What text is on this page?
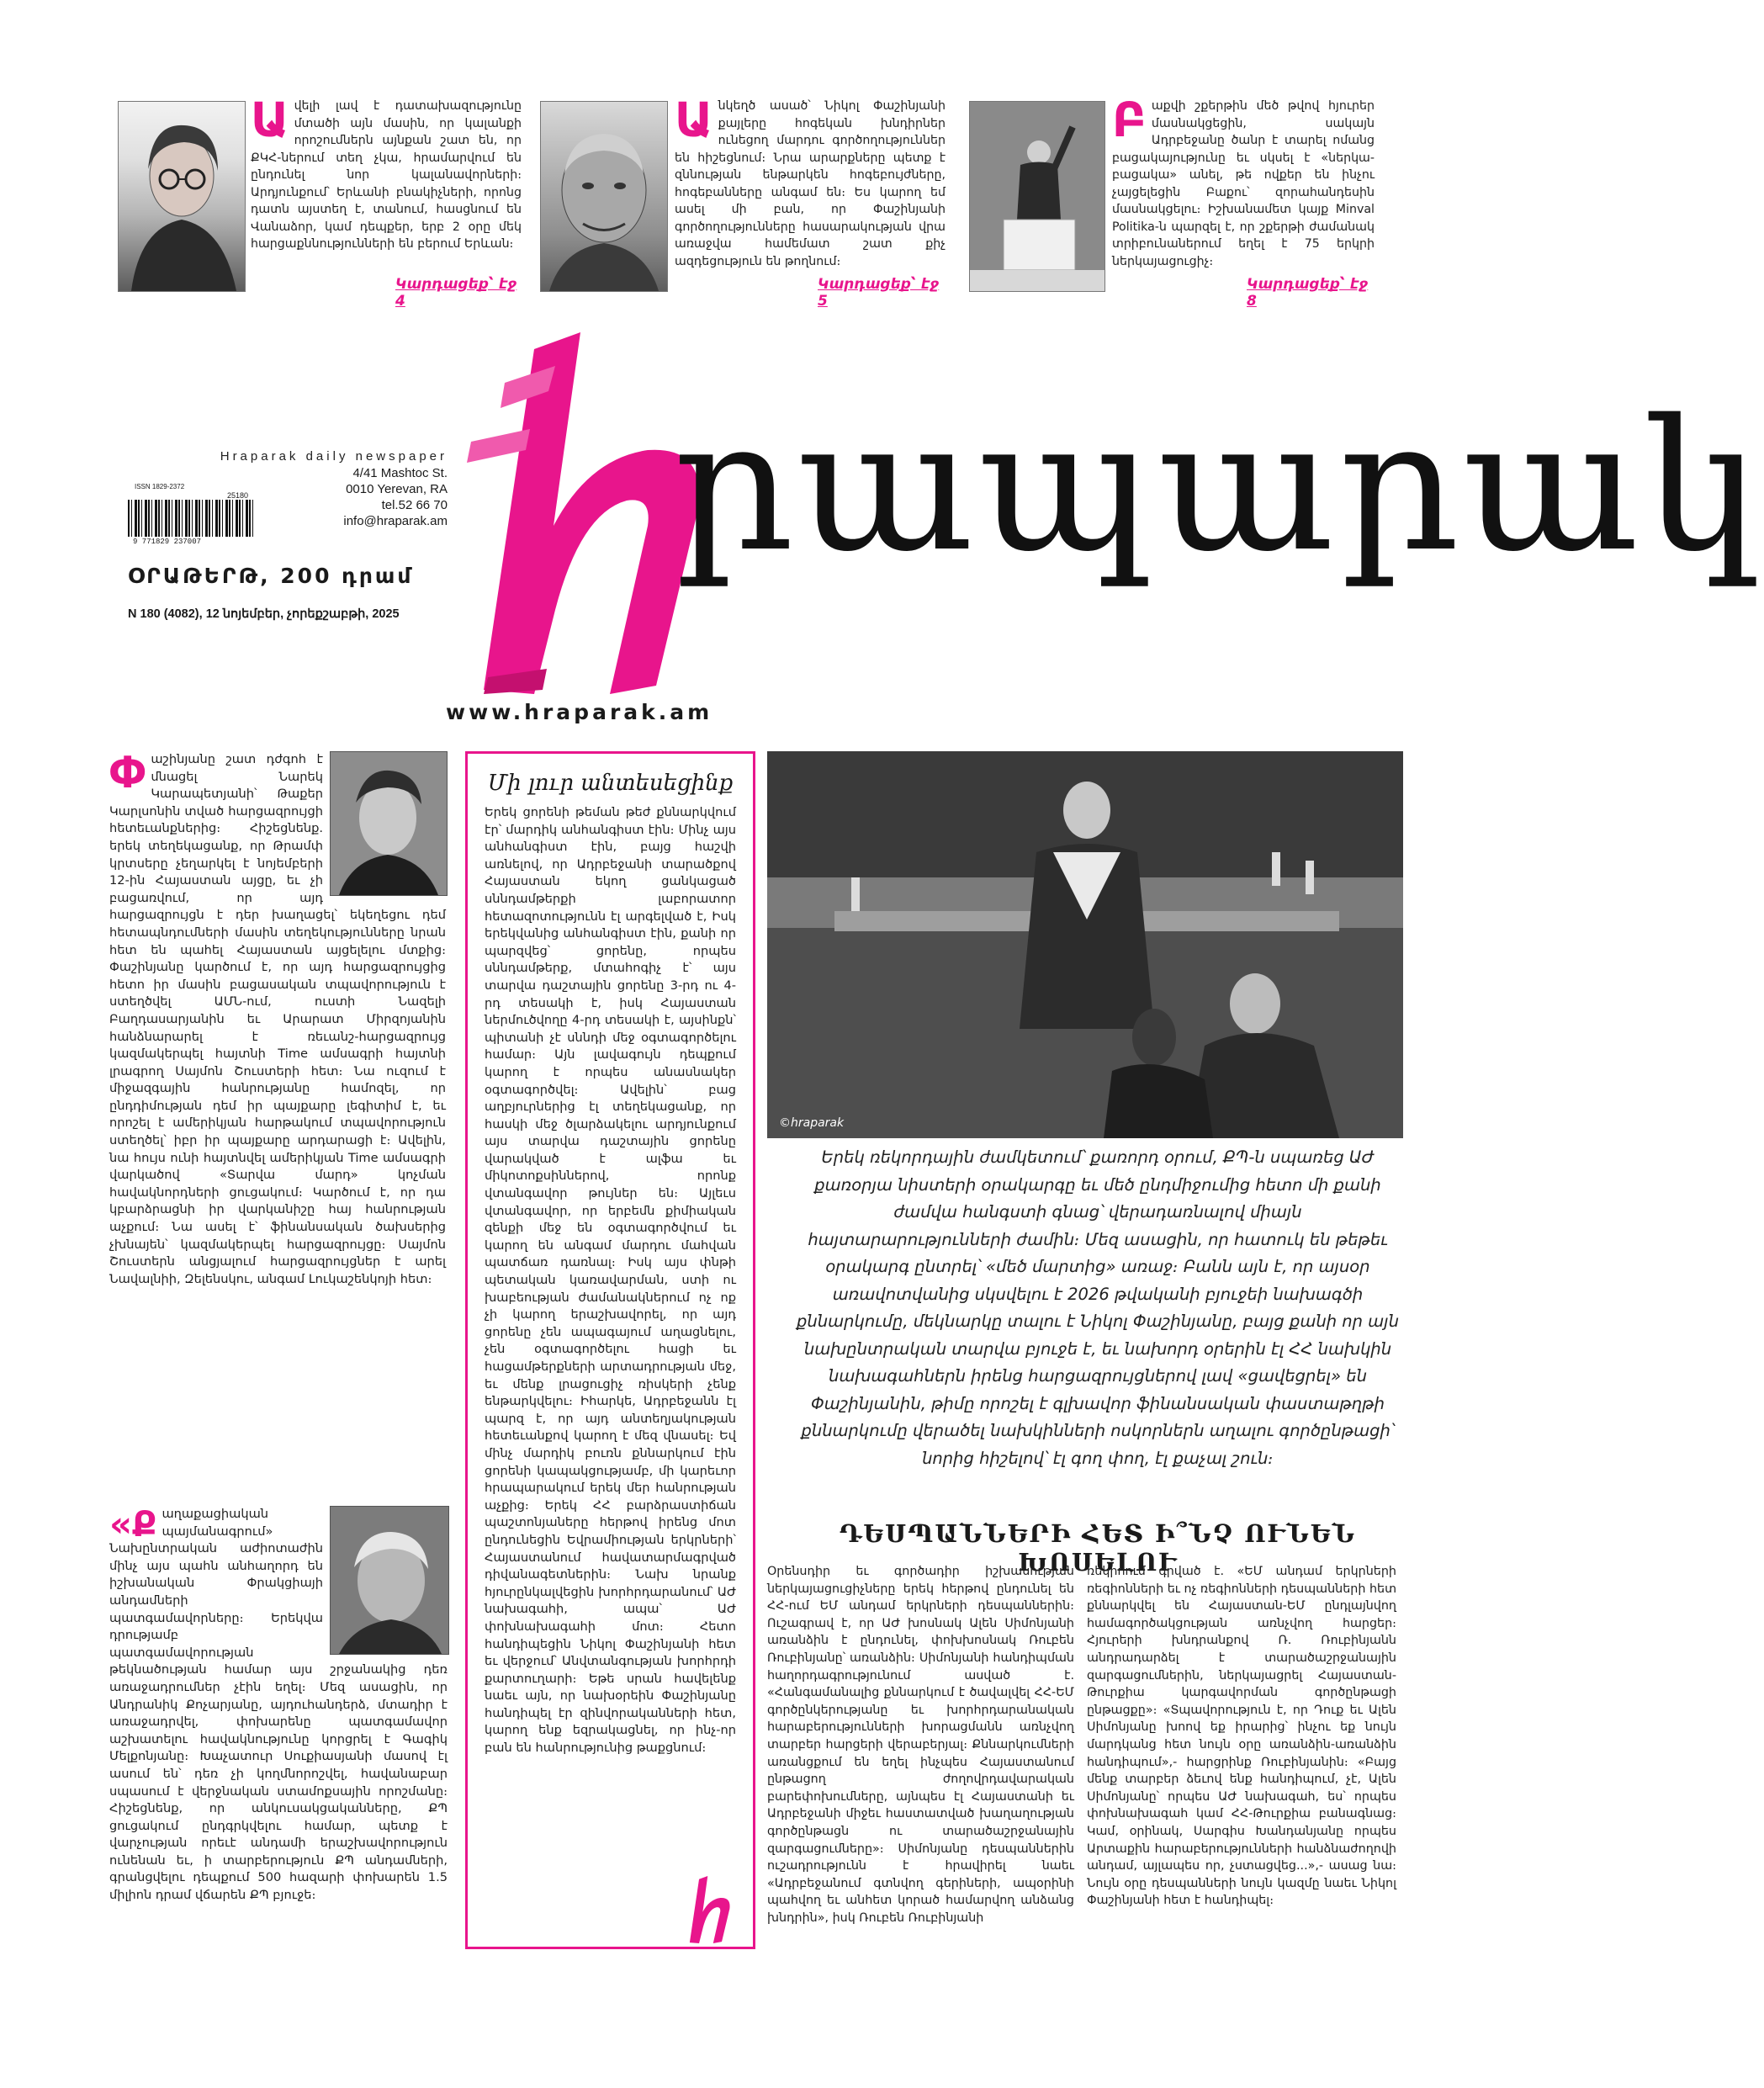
Ավելի լավ է դատախազությունը մտածի այն մասին, որ կալանքի որոշումներն այնքան շատ են, որ ՔԿՀ-ներում տեղ չկա, հրամարվում են ընդունել նոր կալանավորների։ Արդյունքում՝ Երևանի բնակիչների, որոնց դատն այստեղ է, տանում, հասցնում են Վանաձոր, կամ դեպքեր, երբ 2 օրը մեկ հարցաքննությունների են բերում Երևան։
Կարդացեք՝ էջ 4
Անկեղծ ասած՝ Նիկոլ Փաշինյանի քայլերը հոգեկան խնդիրներ ունեցող մարդու գործողություններ են հիշեցնում։ Նրա արարքները պետք է զննության ենթարկեն հոգեբույժները, հոգեբանները անգամ են։ Ես կարող եմ ասել մի բան, որ Փաշինյանի գործողությունները հասարակության վրա առաջվա համեմատ շատ քիչ ազդեցություն են թողնում։
Կարդացեք՝ էջ 5
Բաքվի շքերթին մեծ թվով հյուրեր մասնակցեցին, սակայն Ադրբեջանը ծանր է տարել ոմանց բացակայությունը եւ սկսել է «ներկա-բացակա» անել, թե ովքեր են ինչու չայցելեցին Բաքու՝ զորահանդեսին մասնակցելու։ Իշխանամետ կայք Minval Politika-ն պարզել է, որ շքերթի ժամանակ տրիբունաներում եղել է 75 երկրի ներկայացուցիչ։
Կարդացեք՝ էջ 8
Hraparak daily newspaper
4/41 Mashtoc St.
0010 Yerevan, RA
tel.52 66 70
info@hraparak.am
ISSN 1829-2372
25180
9 771829 237007
ՕՐԱԹԵՐԹ, 200 դրամ
N 180 (4082), 12 նոյեմբեր, չորեքշաբթի, 2025
րապարակ
www.hraparak.am
Փաշինյանը շատ դժգոհ է մնացել Նարեկ Կարապետյանի՝ Թաքեր Կարլսոնին տված հարցազրույցի հետեւանքներից։ Հիշեցնենք. երեկ տեղեկացանք, որ Թրամփ կրտսերը չեղարկել է նոյեմբերի 12-ին Հայաստան այցը, եւ չի բացառվում, որ այդ հարցազրույցն է դեր խաղացել՝ եկեղեցու դեմ հետապնդումների մասին տեղեկությունները նրան հետ են պահել Հայաստան այցելելու մտքից։ Փաշինյանը կարծում է, որ այդ հարցազրույցից հետո իր մասին բացասական տպավորություն է ստեղծվել ԱՄՆ-ում, ուստի Նազելի Բաղդասարյանին եւ Արարատ Միրզոյանին հանձնարարել է ռեւանշ-հարցազրույց կազմակերպել հայտնի Time ամսագրի հայտնի լրագրող Սայմոն Շուստերի հետ։ Նա ուզում է միջազգային հանրությանը համոզել, որ ընդդիմության դեմ իր պայքարը լեգիտիմ է, եւ որոշել է ամերիկյան հարթակում տպավորություն ստեղծել՝ իբր իր պայքարը արդարացի է։ Ավելին, նա հույս ունի հայտնվել ամերիկյան Time ամսագրի վարկածով «Տարվա մարդ» կոչման հավակնորդների ցուցակում։ Կարծում է, որ դա կբարձրացնի իր վարկանիշը հայ հանրության աչքում։ Նա ասել է՝ ֆինանսական ծախսերից չխնայեն՝ կազմակերպել հարցազրույցը։ Սայմոն Շուստերն անցյալում հարցազրույցներ է արել Նավալնիի, Զելենսկու, անգամ Լուկաշենկոյի հետ։
«Քաղաքացիական պայմանագրում» Նախընտրական աժիոտաժին մինչ այս պահն անհաղորդ են իշխանական Փրակցիայի անդամների պատգամավորները։ Երեկվա դրությամբ պատգամավորության թեկնածության համար այս շրջանակից դեռ առաջադրումներ չէին եղել։ Մեզ ասացին, որ Անդրանիկ Քոչարյանը, այդուհանդերձ, մտադիր է առաջադրվել, փոխարենը պատգամավոր աշխատելու հավակնությունը կորցրել է Գագիկ Մելքոնյանը։ Խաչատուր Սուքիասյանի մասով էլ ասում են՝ դեռ չի կողմնորոշվել, հավանաբար սպասում է վերջնական ստամոքսային որոշմանը։ Հիշեցնենք, որ անկուսակցականները, ՔՊ ցուցակում ընդգրկվելու համար, պետք է վարչության որեւէ անդամի երաշխավորություն ունենան եւ, ի տարբերություն ՔՊ անդամների, գրանցվելու դեպքում 500 հազարի փոխարեն 1.5 միլիոն դրամ վճարեն ՔՊ բյուջե։
Մի լուր անտեսեցինք
Երեկ ցորենի թեման թեժ քննարկվում էր՝ մարդիկ անհանգիստ էին։ Մինչ այս անհանգիստ էին, բայց հաշվի առնելով, որ Ադրբեջանի տարածքով Հայաստան եկող ցանկացած սննդամթերքի լաբորատոր հետազոտությունն էլ արգելված է, Իսկ երեկվանից անհանգիստ էին, քանի որ պարզվեց՝ ցորենը, որպես սննդամթերք, մտահոգիչ է՝ այս տարվա դաշտային ցորենը 3-րդ ու 4-րդ տեսակի է, իսկ Հայաստան ներմուծվողը 4-րդ տեսակի է, այսինքն՝ պիտանի չէ սննդի մեջ օգտագործելու համար։ Այն լավագույն դեպքում կարող է որպես անասնակեր օգտագործվել։ Ավելին՝ բաց աղբյուրներից էլ տեղեկացանք, որ հասկի մեջ ծլարձակելու արդյունքում այս տարվա դաշտային ցորենը վարակված է ալֆա եւ միկոտոքսիններով, որոնք վտանգավոր թույներ են։ Այլեւս վտանգավոր, որ երբեմն քիմիական զենքի մեջ են օգտագործվում եւ կարող են անգամ մարդու մահվան պատճառ դառնալ։ Իսկ այս փնթի պետական կառավարման, ստի ու խաբեության ժամանակներում ոչ ոք չի կարող երաշխավորել, որ այդ ցորենը չեն ապագայում աղացնելու, չեն օգտագործելու հացի եւ հացամթերքների արտադրության մեջ, եւ մենք լրացուցիչ ռիսկերի չենք ենթարկվելու։ Իհարկե, Ադրբեջանն էլ պարզ է, որ այդ անտեղյակության հետեւանքով կարող է մեզ վնասել։ Եվ մինչ մարդիկ բուռն քննարկում էին ցորենի կապակցությամբ, մի կարեւոր հրապարակում երեկ մեր հանրության աչքից։ Երեկ ՀՀ բարձրաստիճան պաշտոնյաները հերթով իրենց մոտ ընդունեցին Եվրամիության երկրների՝ Հայաստանում հավատարմագրված դիվանագետներին։ Նախ նրանք հյուրընկալվեցին խորհրդարանում՝ ԱԺ նախագահի, ապա՝ ԱԺ փոխնախագահի մոտ։ Հետո հանդիպեցին Նիկոլ Փաշինյանի հետ եւ վերջում՝ Անվտանգության խորհրդի քարտուղարի։ Եթե սրան հավելենք նաեւ այն, որ նախօրեին Փաշինյանը հանդիպել էր զինվորականների հետ, կարող ենք եզրակացնել, որ ինչ-որ բան են հանրությունից թաքցնում։
©hraparak
Երեկ ռեկորդային ժամկետում՝ քառորդ օրում, ՔՊ-ն սպառեց ԱԺ քառօրյա նիստերի օրակարգը եւ մեծ ընդմիջումից հետո մի քանի ժամվա հանգստի գնաց՝ վերադառնալով միայն հայտարարությունների ժամին։ Մեզ ասացին, որ հատուկ են թեթեւ օրակարգ ընտրել՝ «մեծ մարտից» առաջ։ Բանն այն է, որ այսօր առավոտվանից սկսվելու է 2026 թվականի բյուջեի նախագծի քննարկումը, մեկնարկը տալու է Նիկոլ Փաշինյանը, բայց քանի որ այն նախընտրական տարվա բյուջե է, եւ նախորդ օրերին էլ ՀՀ նախկին նախագահներն իրենց հարցազրույցներով լավ «ցավեցրել» են Փաշինյանին, թիմը որոշել է գլխավոր ֆինանսական փաստաթղթի քննարկումը վերածել նախկինների ոսկորներն աղալու գործընթացի՝ նորից հիշելով՝ էլ գող փող, էլ քաչալ շուն։
ԴԵՍՊԱՆՆԵՐԻ ՀԵՏ Ի՞ՆՉ ՈՒՆԵՆ ԽՈՍԵԼՈՒ
Օրենսդիր եւ գործադիր իշխանության ներկայացուցիչները երեկ հերթով ընդունել են ՀՀ-ում ԵՄ անդամ երկրների դեսպաններին։ Ուշագրավ է, որ ԱԺ խոսնակ Ալեն Սիմոնյանի առանձին է ընդունել, փոխխոսնակ Ռուբեն Ռուբինյանը՝ առանձին։ Սիմոնյանի հանդիպման հաղորդագրությունում ասված է. «Հանգամանալից քննարկում է ծավալվել ՀՀ-ԵՄ գործընկերությանը եւ խորհրդարանական հարաբերությունների խորացմանն առնչվող տարբեր հարցերի վերաբերյալ։ Քննարկումների առանցքում են եղել ինչպես Հայաստանում ընթացող ժողովրդավարական բարեփոխումները, այնպես էլ Հայաստանի եւ Ադրբեջանի միջեւ հաստատված խաղաղության գործընթացն ու տարածաշրջանային զարգացումները»։ Սիմոնյանը դեսպաններին ուշադրությունն է հրավիրել նաեւ «Ադրբեջանում գտնվող գերիների, ապօրինի պահվող եւ անհետ կորած համարվող անձանց խնդրին», իսկ Ռուբեն Ռուբինյանի
ռեկիոում գրված է. «ԵՄ անդամ երկրների ռեգիոնների եւ ոչ ռեգիոնների դեսպանների հետ քննարկվել են Հայաստան-ԵՄ ընդլայնվող համագործակցության առնչվող հարցեր։ Հյուրերի խնդրանքով Ռ. Ռուբինյանն անդրադարձել է տարածաշրջանային զարգացումներին, ներկայացրել Հայաստան-Թուրքիա կարգավորման գործընթացի ընթացքը»։ «Տպավորություն է, որ Դուք եւ Ալեն Սիմոնյանը խոով եք իրարից՝ ինչու եք նույն մարդկանց հետ նույն օրը առանձին-առանձին հանդիպում»,- հարցրինք Ռուբինյանին։ «Բայց մենք տարբեր ձեւով ենք հանդիպում, չէ, Ալեն Սիմոնյանը՝ որպես ԱԺ նախագահ, ես՝ որպես փոխնախագահ կամ ՀՀ-Թուրքիա բանագնաց։ Կամ, օրինակ, Սարգիս Խանդանյանը որպես Արտաքին հարաբերությունների հանձնաժողովի անդամ, այլապես որ, չստացվեց...»,- ասաց նա։ Նույն օրը դեսպանների նույն կազմը նաեւ Նիկոլ Փաշինյանի հետ է հանդիպել։
